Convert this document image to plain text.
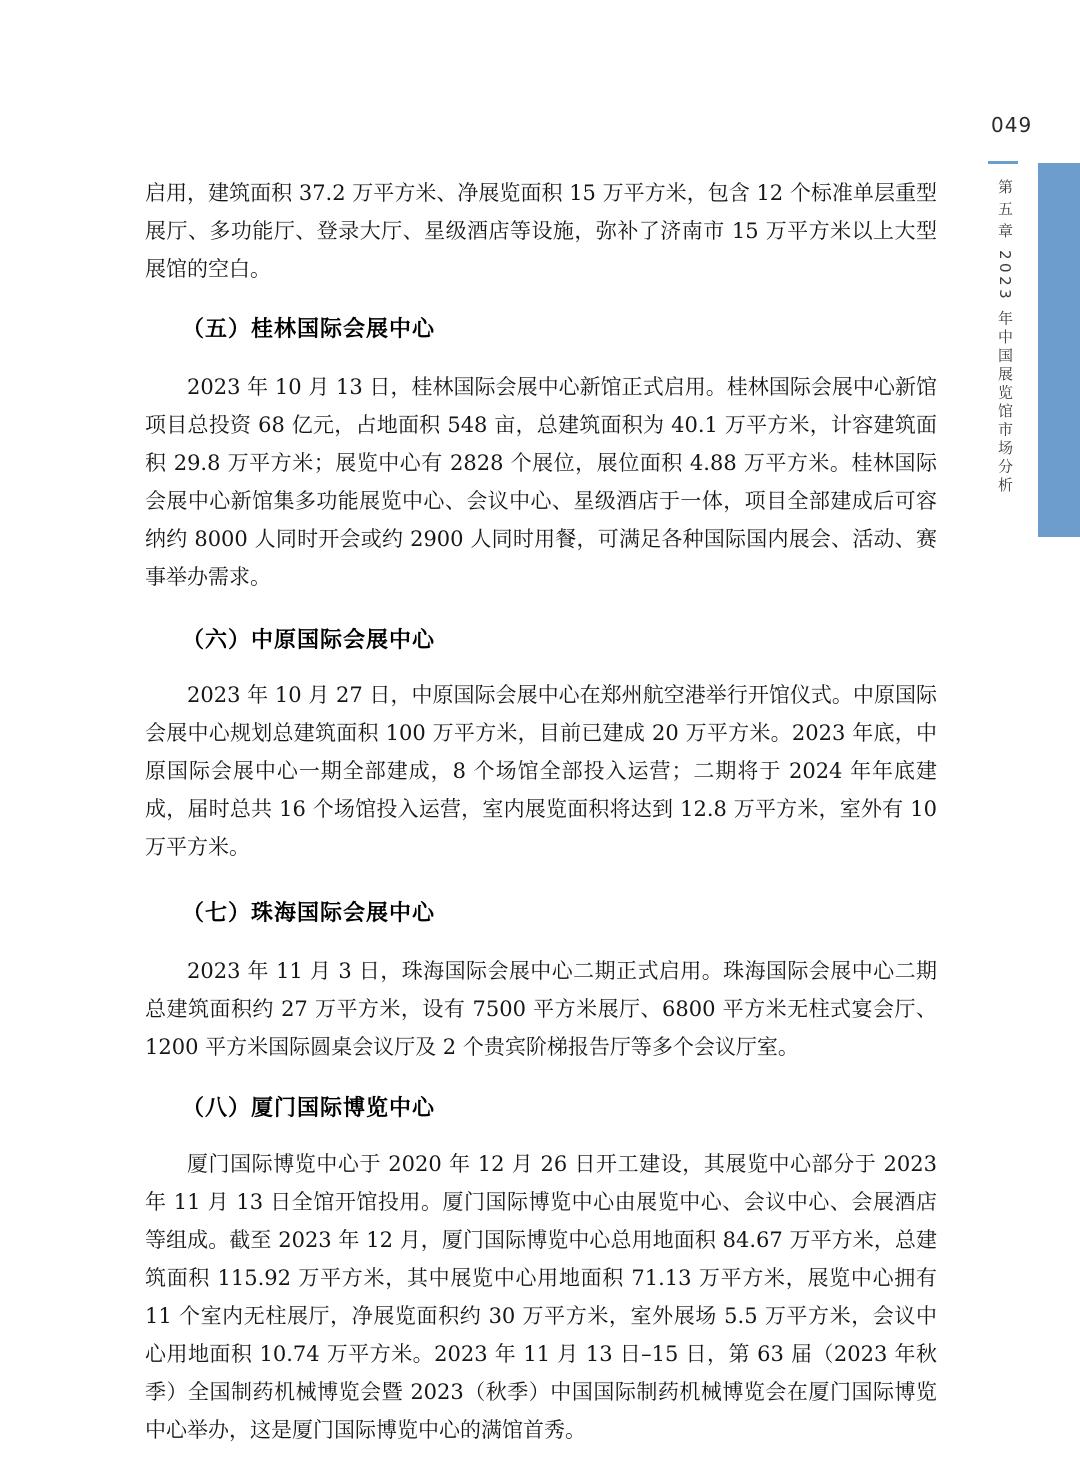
049
第五章
2023 年中国展览馆市场分析

启用，建筑面积 37.2 万平方米、净展览面积 15 万平方米，包含 12 个标准单层重型展厅、多功能厅、登录大厅、星级酒店等设施，弥补了济南市 15 万平方米以上大型展馆的空白。

（五）桂林国际会展中心

2023 年 10 月 13 日，桂林国际会展中心新馆正式启用。桂林国际会展中心新馆项目总投资 68 亿元，占地面积 548 亩，总建筑面积为 40.1 万平方米，计容建筑面积 29.8 万平方米；展览中心有 2828 个展位，展位面积 4.88 万平方米。桂林国际会展中心新馆集多功能展览中心、会议中心、星级酒店于一体，项目全部建成后可容纳约 8000 人同时开会或约 2900 人同时用餐，可满足各种国际国内展会、活动、赛事举办需求。

（六）中原国际会展中心

2023 年 10 月 27 日，中原国际会展中心在郑州航空港举行开馆仪式。中原国际会展中心规划总建筑面积 100 万平方米，目前已建成 20 万平方米。2023 年底，中原国际会展中心一期全部建成，8 个场馆全部投入运营；二期将于 2024 年年底建成，届时总共 16 个场馆投入运营，室内展览面积将达到 12.8 万平方米，室外有 10 万平方米。

（七）珠海国际会展中心

2023 年 11 月 3 日，珠海国际会展中心二期正式启用。珠海国际会展中心二期总建筑面积约 27 万平方米，设有 7500 平方米展厅、6800 平方米无柱式宴会厅、1200 平方米国际圆桌会议厅及 2 个贵宾阶梯报告厅等多个会议厅室。

（八）厦门国际博览中心

厦门国际博览中心于 2020 年 12 月 26 日开工建设，其展览中心部分于 2023 年 11 月 13 日全馆开馆投用。厦门国际博览中心由展览中心、会议中心、会展酒店等组成。截至 2023 年 12 月，厦门国际博览中心总用地面积 84.67 万平方米，总建筑面积 115.92 万平方米，其中展览中心用地面积 71.13 万平方米，展览中心拥有 11 个室内无柱展厅，净展览面积约 30 万平方米，室外展场 5.5 万平方米，会议中心用地面积 10.74 万平方米。2023 年 11 月 13 日–15 日，第 63 届（2023 年秋季）全国制药机械博览会暨 2023（秋季）中国国际制药机械博览会在厦门国际博览中心举办，这是厦门国际博览中心的满馆首秀。
